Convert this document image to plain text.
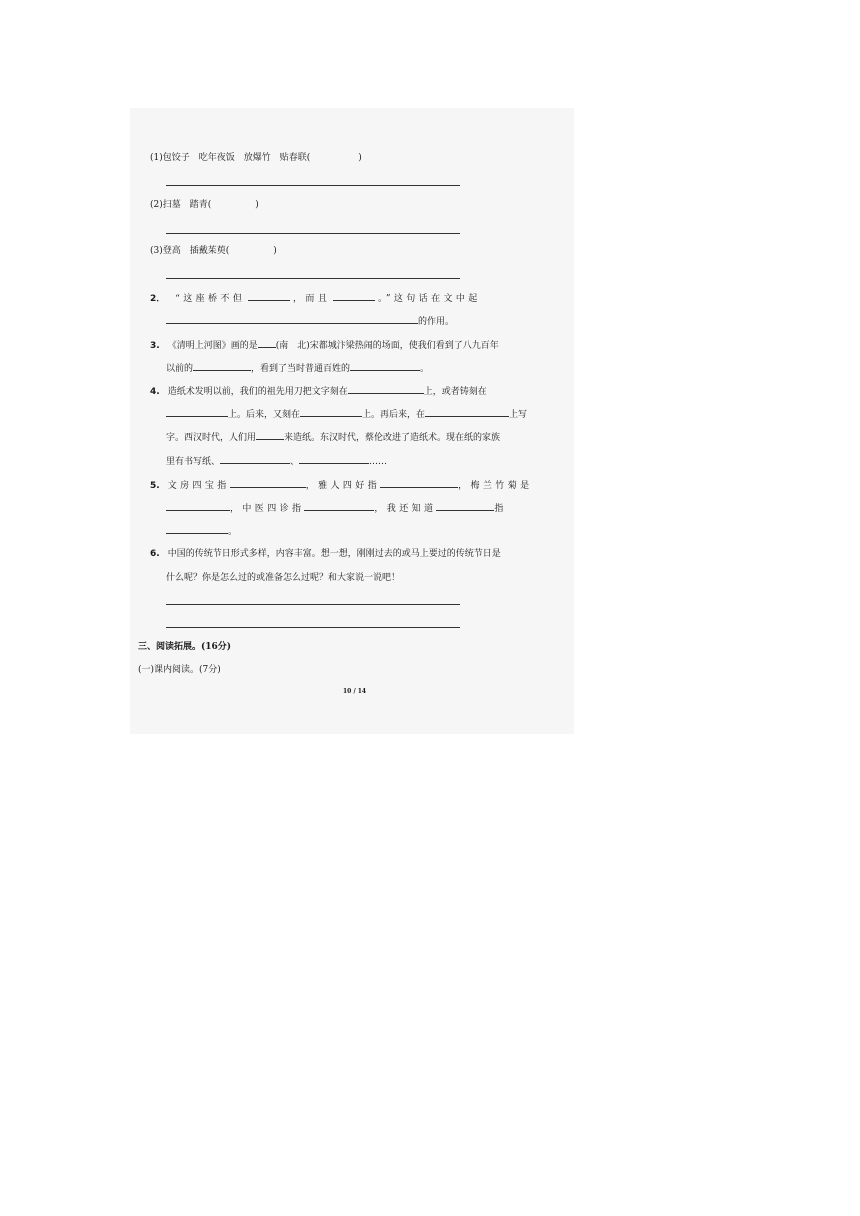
(1)包饺子　吃年夜饭　放爆竹　贴春联(	)
(2)扫墓　踏青(	)
(3)登高　插戴茱萸(	)
2． “这座桥不但	，而且	。”这句话在文中起
的作用。
3. 《清明上河图》画的是 (南　北)宋都城汴梁热闹的场面，使我们看到了八九百年
以前的	，看到了当时普通百姓的	。
4. 造纸术发明以前，我们的祖先用刀把文字刻在	上，或者铸刻在
上。后来，又刻在	上。再后来，在	上写
字。西汉时代，人们用	来造纸。东汉时代，蔡伦改进了造纸术。现在纸的家族
里有书写纸、	、	……
5. 文房四宝指	，雅人四好指	，梅兰竹菊是
，中医四诊指	，我还知道	指
。
6. 中国的传统节日形式多样，内容丰富。想一想，刚刚过去的或马上要过的传统节日是
什么呢？你是怎么过的或准备怎么过呢？和大家说一说吧！
三、阅读拓展。(16分)
(一)课内阅读。(7分)
10 / 14
